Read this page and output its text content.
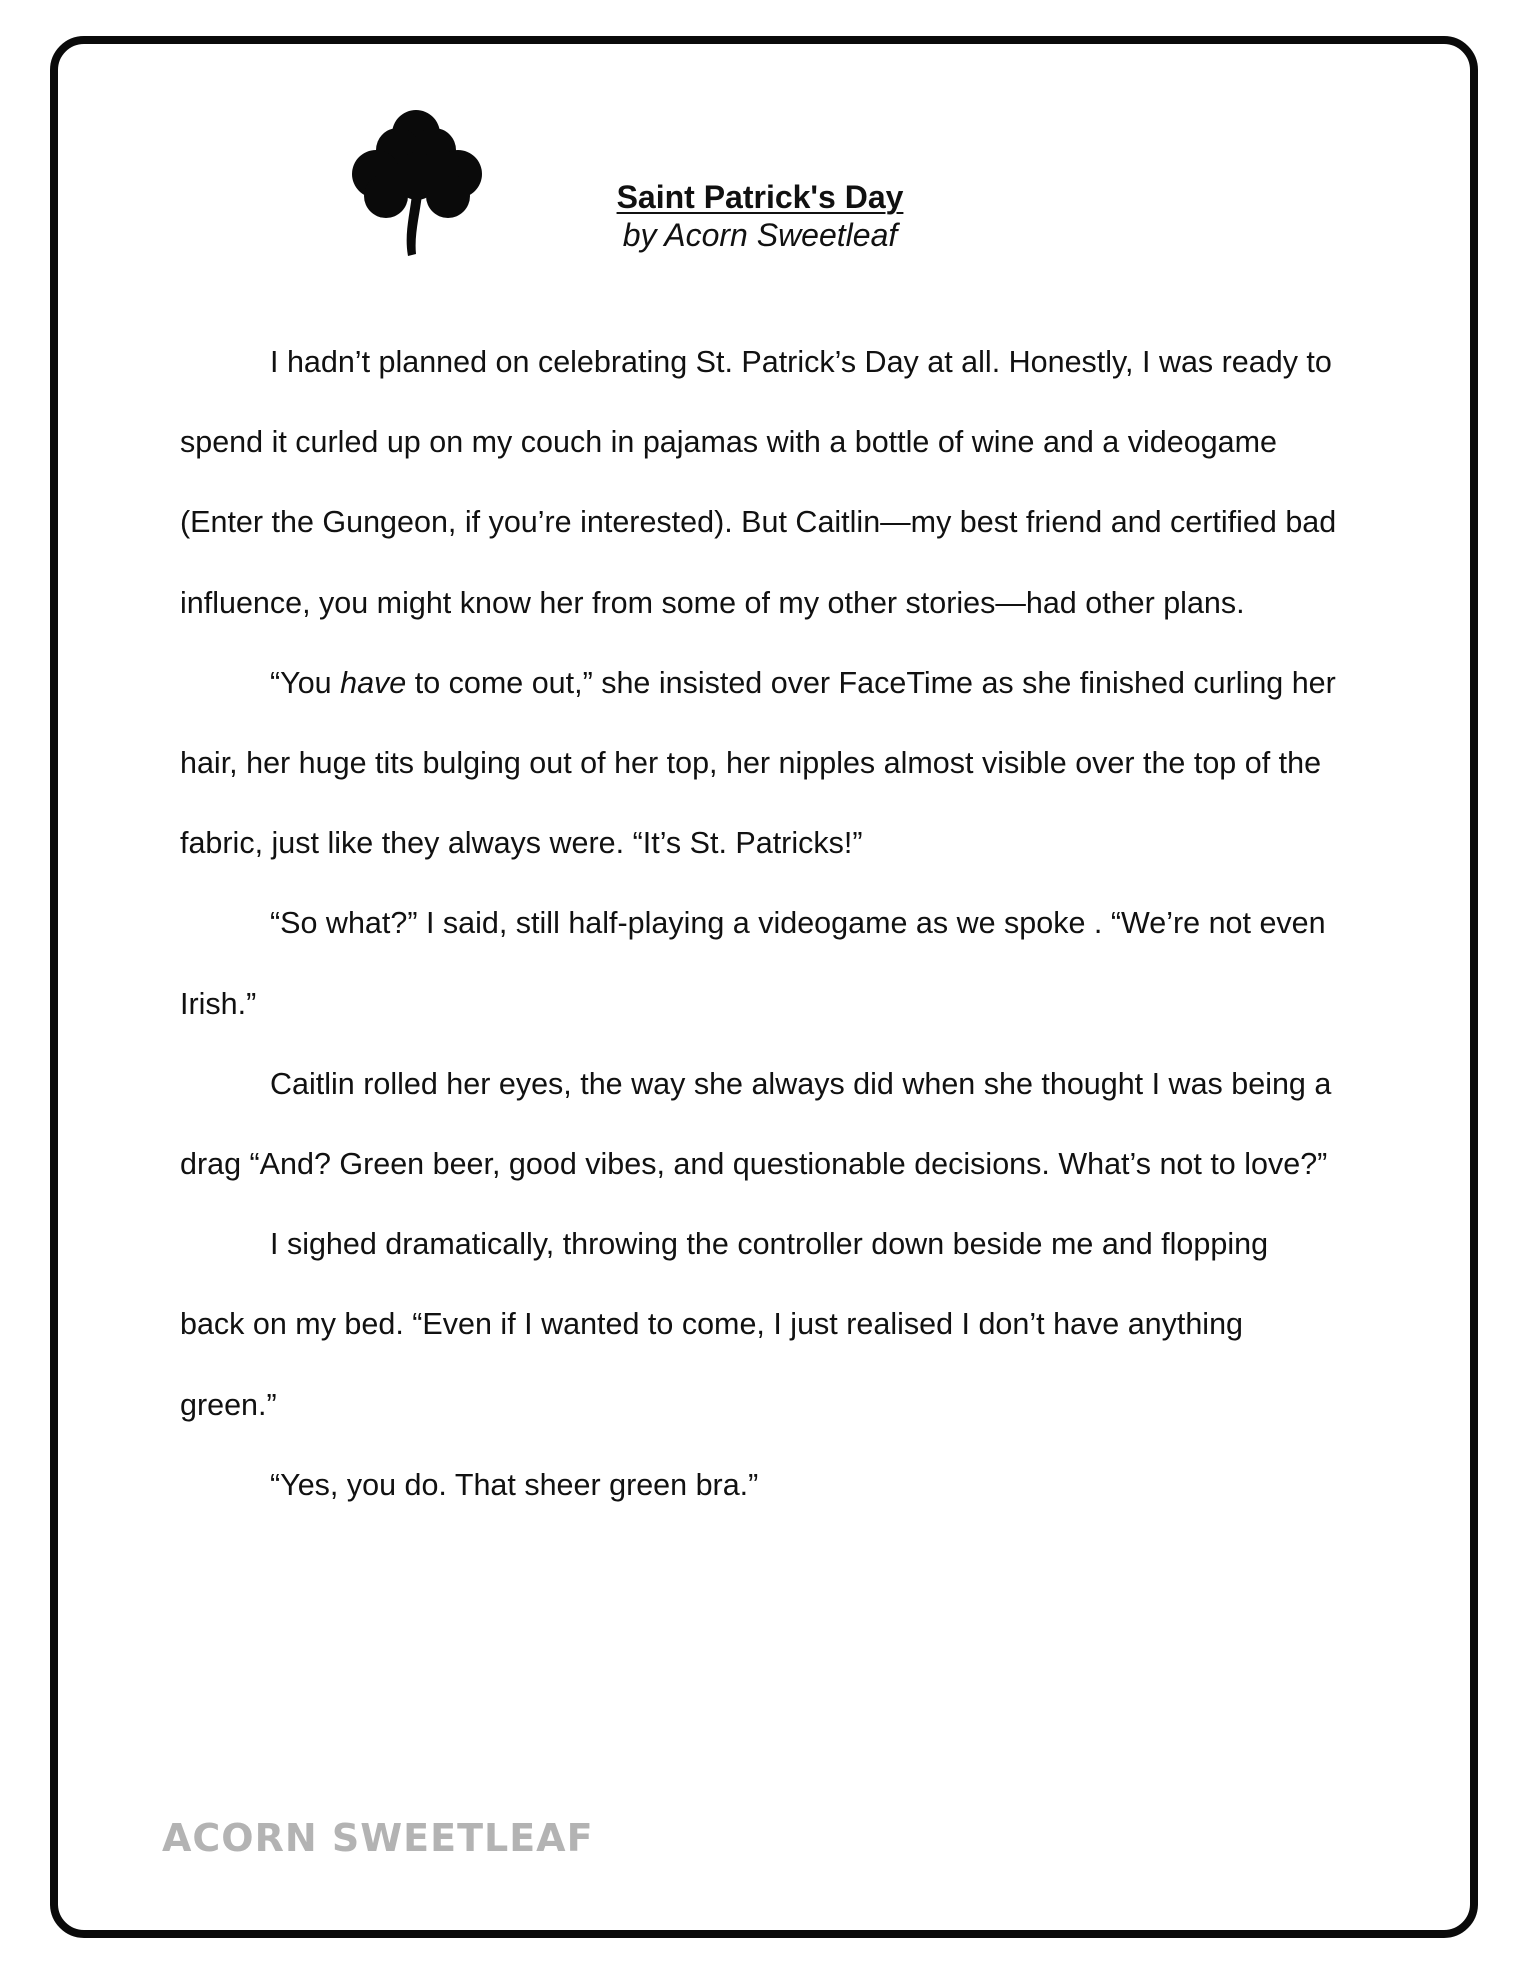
Saint Patrick's Day
by Acorn Sweetleaf

I hadn’t planned on celebrating St. Patrick’s Day at all. Honestly, I was ready to spend it curled up on my couch in pajamas with a bottle of wine and a videogame (Enter the Gungeon, if you’re interested). But Caitlin—my best friend and certified bad influence, you might know her from some of my other stories—had other plans.

“You have to come out,” she insisted over FaceTime as she finished curling her hair, her huge tits bulging out of her top, her nipples almost visible over the top of the fabric, just like they always were. “It’s St. Patricks!”

“So what?” I said, still half-playing a videogame as we spoke . “We’re not even Irish.”

Caitlin rolled her eyes, the way she always did when she thought I was being a drag “And? Green beer, good vibes, and questionable decisions. What’s not to love?”

I sighed dramatically, throwing the controller down beside me and flopping back on my bed. “Even if I wanted to come, I just realised I don’t have anything green.”

“Yes, you do. That sheer green bra.”

ACORN SWEETLEAF
